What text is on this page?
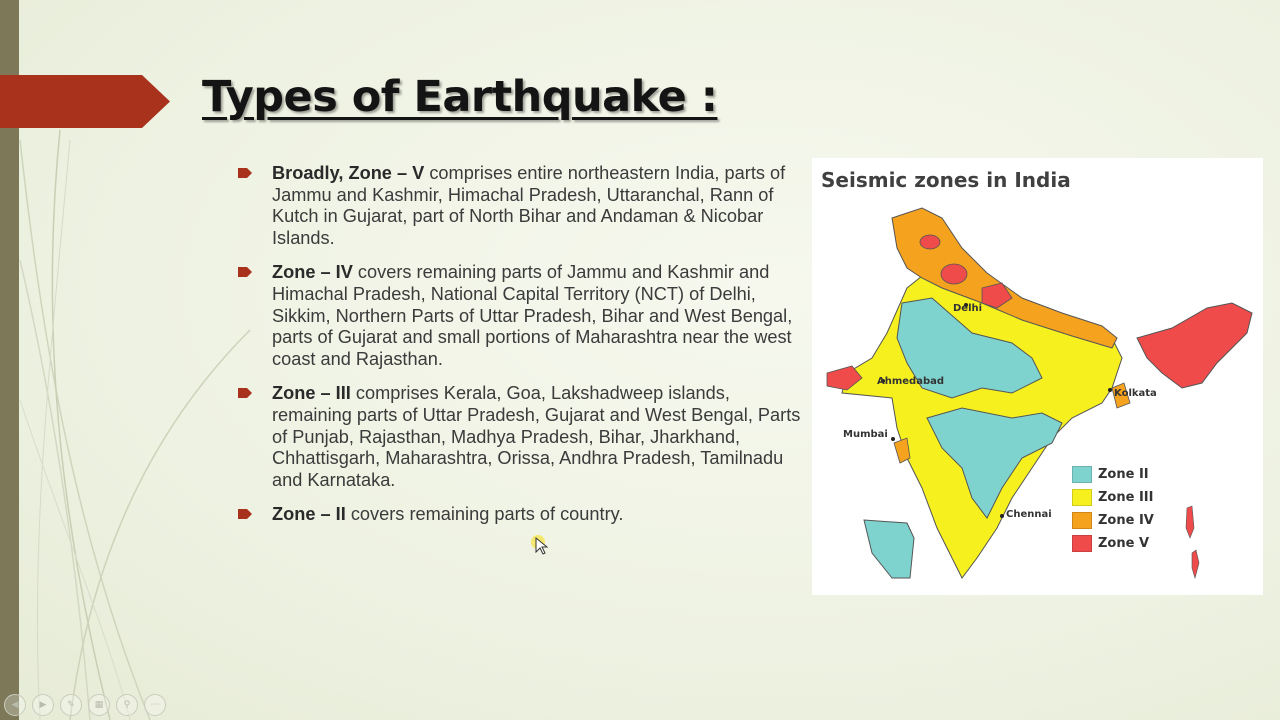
Types of Earthquake :
Broadly, Zone – V comprises entire northeastern India, parts of Jammu and Kashmir, Himachal Pradesh, Uttaranchal, Rann of Kutch in Gujarat, part of North Bihar and Andaman & Nicobar Islands.
Zone – IV covers remaining parts of Jammu and Kashmir and Himachal Pradesh, National Capital Territory (NCT) of Delhi, Sikkim, Northern Parts of Uttar Pradesh, Bihar and West Bengal, parts of Gujarat and small portions of Maharashtra near the west coast and Rajasthan.
Zone – III comprises Kerala, Goa, Lakshadweep islands, remaining parts of Uttar Pradesh, Gujarat and West Bengal, Parts of Punjab, Rajasthan, Madhya Pradesh, Bihar, Jharkhand, Chhattisgarh, Maharashtra, Orissa, Andhra Pradesh, Tamilnadu and Karnataka.
Zone – II covers remaining parts of country.
Seismic zones in India
Delhi
Ahmedabad
Mumbai
Kolkata
Chennai
Zone II
Zone III
Zone IV
Zone V
◀	▶	✎	▦	⚲	⋯
